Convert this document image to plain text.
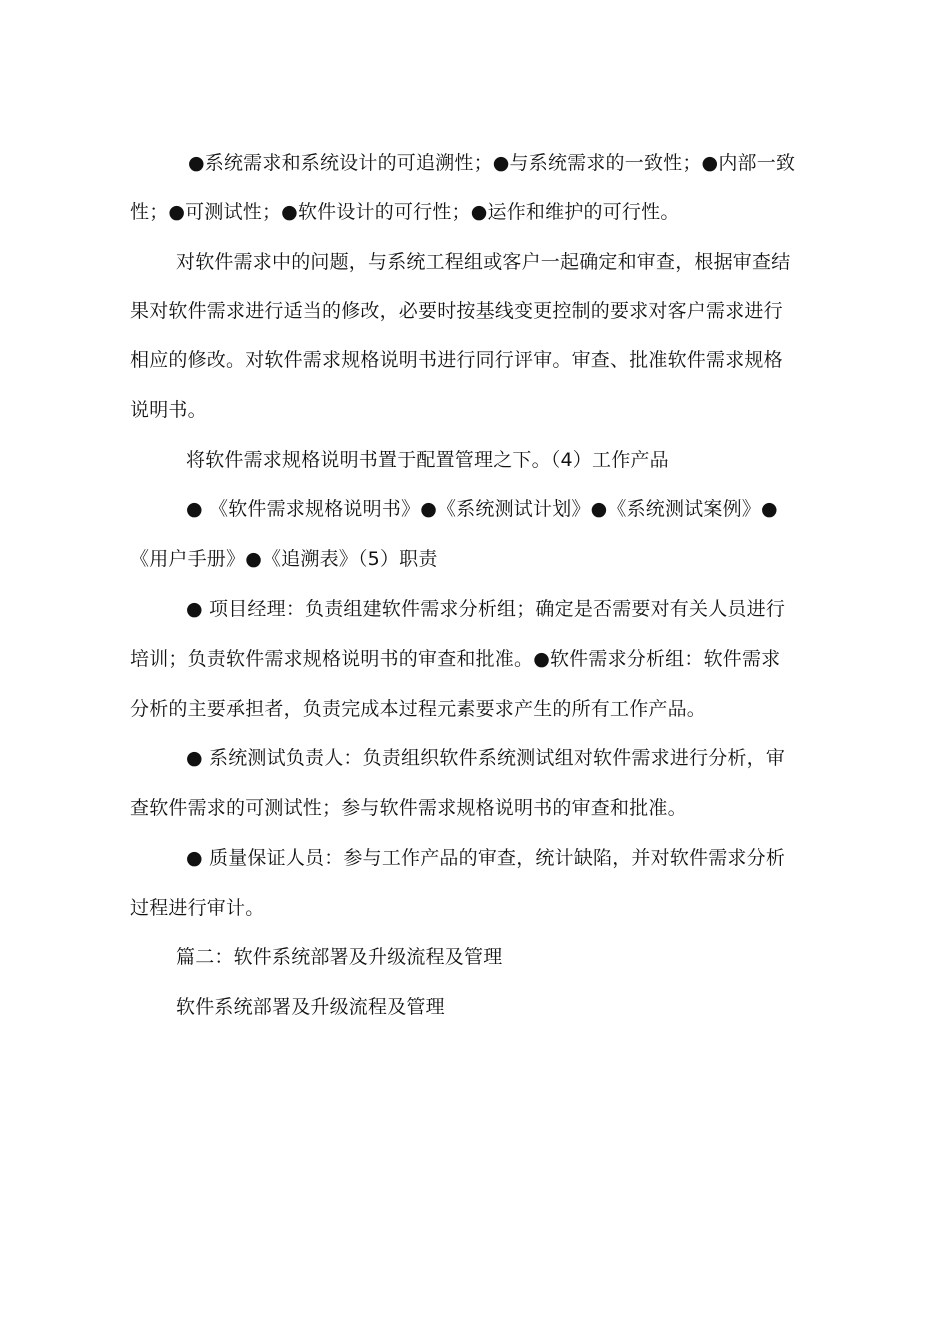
●系统需求和系统设计的可追溯性；●与系统需求的一致性；●内部一致
性；●可测试性；●软件设计的可行性；●运作和维护的可行性。
对软件需求中的问题，与系统工程组或客户一起确定和审查，根据审查结
果对软件需求进行适当的修改，必要时按基线变更控制的要求对客户需求进行
相应的修改。对软件需求规格说明书进行同行评审。审查、批准软件需求规格
说明书。
将软件需求规格说明书置于配置管理之下。（4）工作产品
● 《软件需求规格说明书》●《系统测试计划》●《系统测试案例》●
《用户手册》●《追溯表》（5）职责
● 项目经理：负责组建软件需求分析组；确定是否需要对有关人员进行
培训；负责软件需求规格说明书的审查和批准。●软件需求分析组：软件需求
分析的主要承担者，负责完成本过程元素要求产生的所有工作产品。
● 系统测试负责人：负责组织软件系统测试组对软件需求进行分析，审
查软件需求的可测试性；参与软件需求规格说明书的审查和批准。
● 质量保证人员：参与工作产品的审查，统计缺陷，并对软件需求分析
过程进行审计。
篇二：软件系统部署及升级流程及管理
软件系统部署及升级流程及管理
